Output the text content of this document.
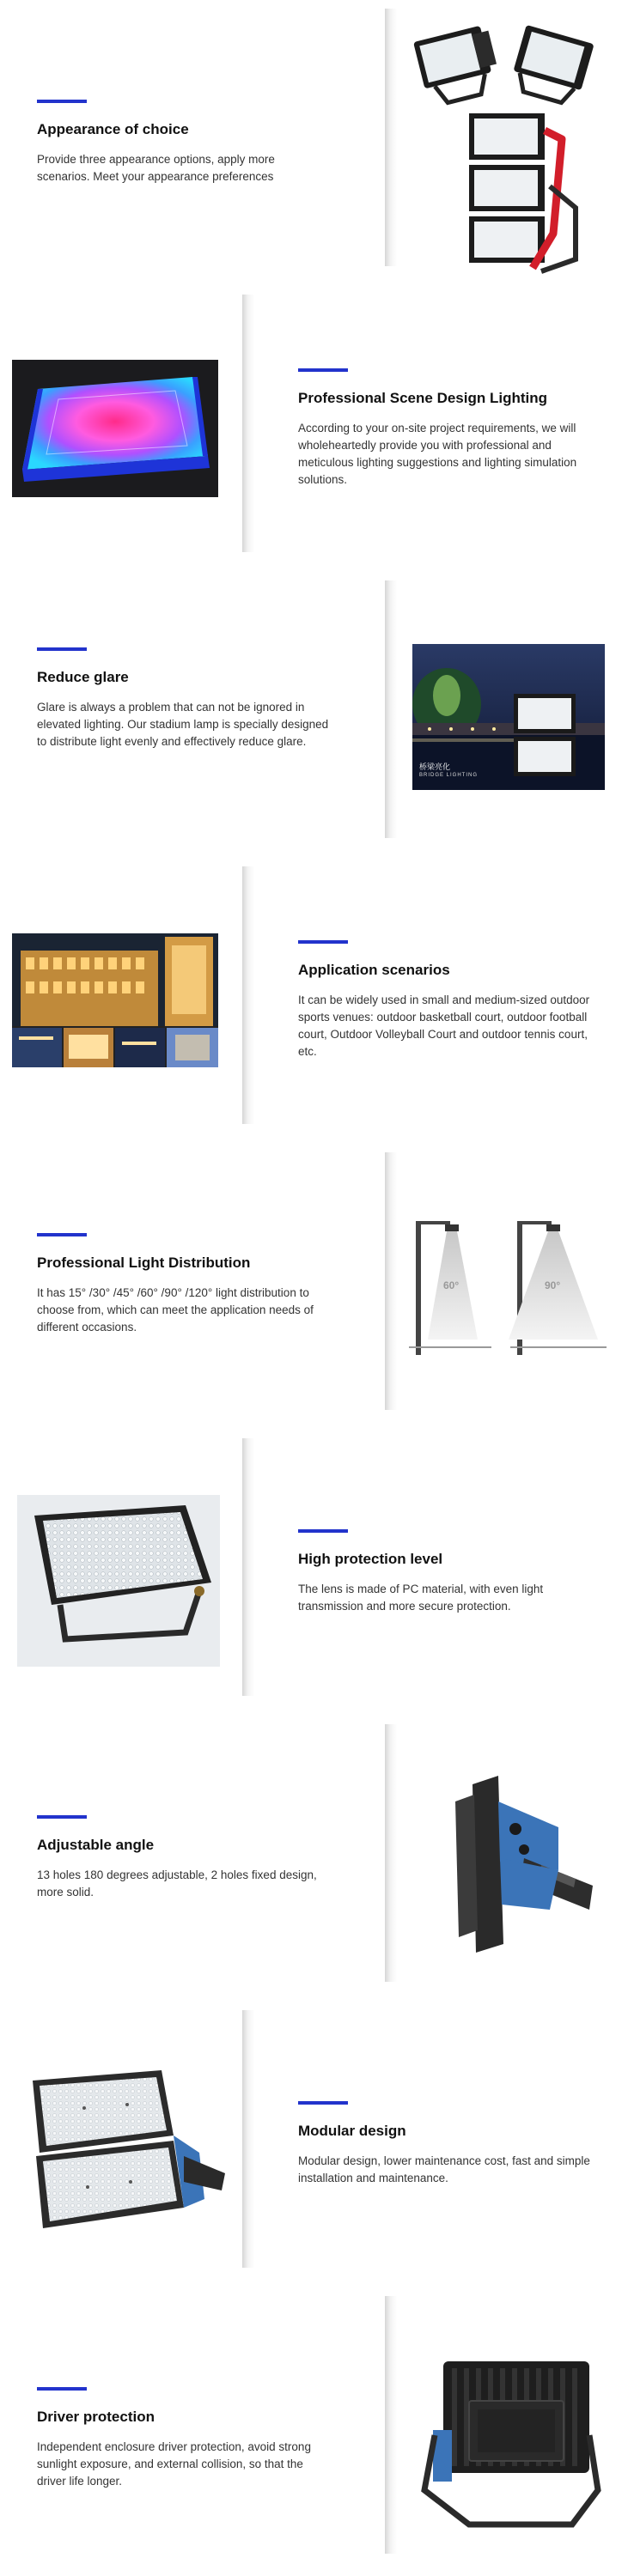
Appearance of choice

Provide three appearance options, apply more scenarios. Meet your appearance preferences

Professional Scene Design Lighting

According to your on-site project requirements, we will wholeheartedly provide you with professional and meticulous lighting suggestions and lighting simulation solutions.

Reduce glare

Glare is always a problem that can not be ignored in elevated lighting. Our stadium lamp is specially designed to distribute light evenly and effectively reduce glare.

桥梁亮化
BRIDGE LIGHTING
Application scenarios

It can be widely used in small and medium-sized outdoor sports venues: outdoor basketball court, outdoor football court, Outdoor Volleyball Court and outdoor tennis court, etc.

Professional Light Distribution

It has 15° /30° /45° /60° /90° /120° light distribution to choose from, which can meet the application needs of different occasions.

60°	90°
High protection level

The lens is made of PC material, with even light transmission and more secure protection.

Adjustable angle

13 holes 180 degrees adjustable, 2 holes fixed design, more solid.

Modular design

Modular design, lower maintenance cost, fast and simple installation and maintenance.

Driver protection

Independent enclosure driver protection, avoid strong sunlight exposure, and external collision, so that the driver life longer.
